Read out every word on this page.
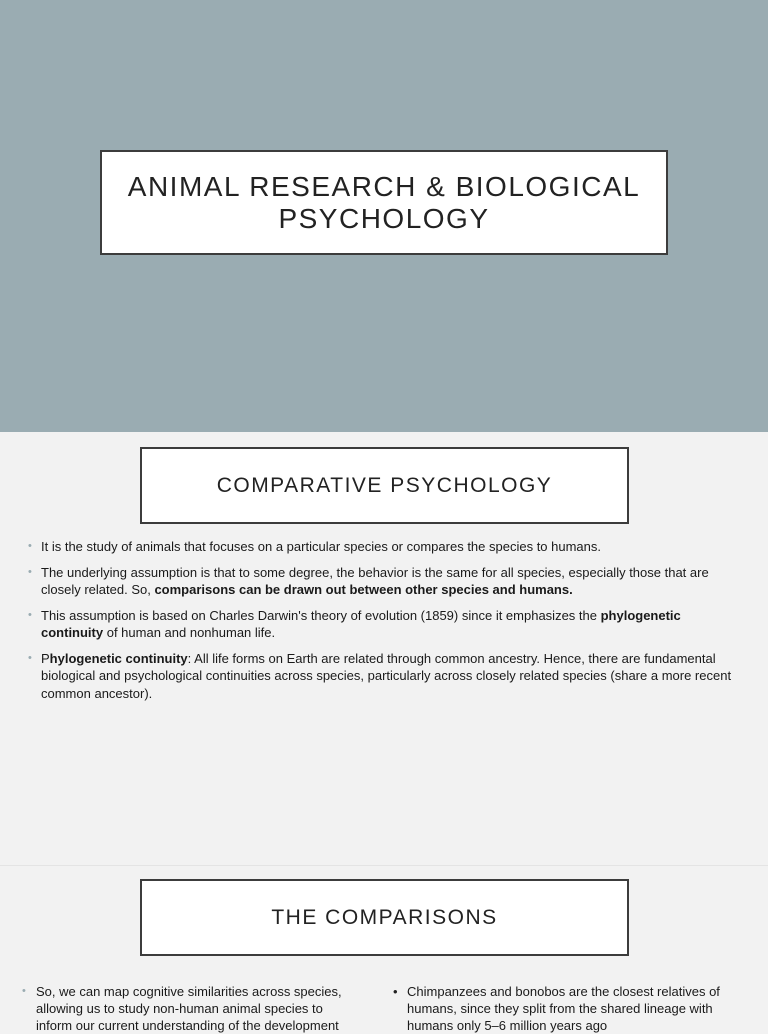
ANIMAL RESEARCH & BIOLOGICAL
PSYCHOLOGY
COMPARATIVE PSYCHOLOGY
• It is the study of animals that focuses on a particular species or compares the species to humans.
• The underlying assumption is that to some degree, the behavior is the same for all species, especially those that are closely related. So, comparisons can be drawn out between other species and humans.
• This assumption is based on Charles Darwin's theory of evolution (1859) since it emphasizes the phylogenetic continuity of human and nonhuman life.
• Phylogenetic continuity: All life forms on Earth are related through common ancestry. Hence, there are fundamental biological and psychological continuities across species, particularly across closely related species (share a more recent common ancestor).
THE COMPARISONS
• So, we can map cognitive similarities across species, allowing us to study non-human animal species to inform our current understanding of the development
• Chimpanzees and bonobos are the closest relatives of humans, since they split from the shared lineage with humans only 5–6 million years ago
